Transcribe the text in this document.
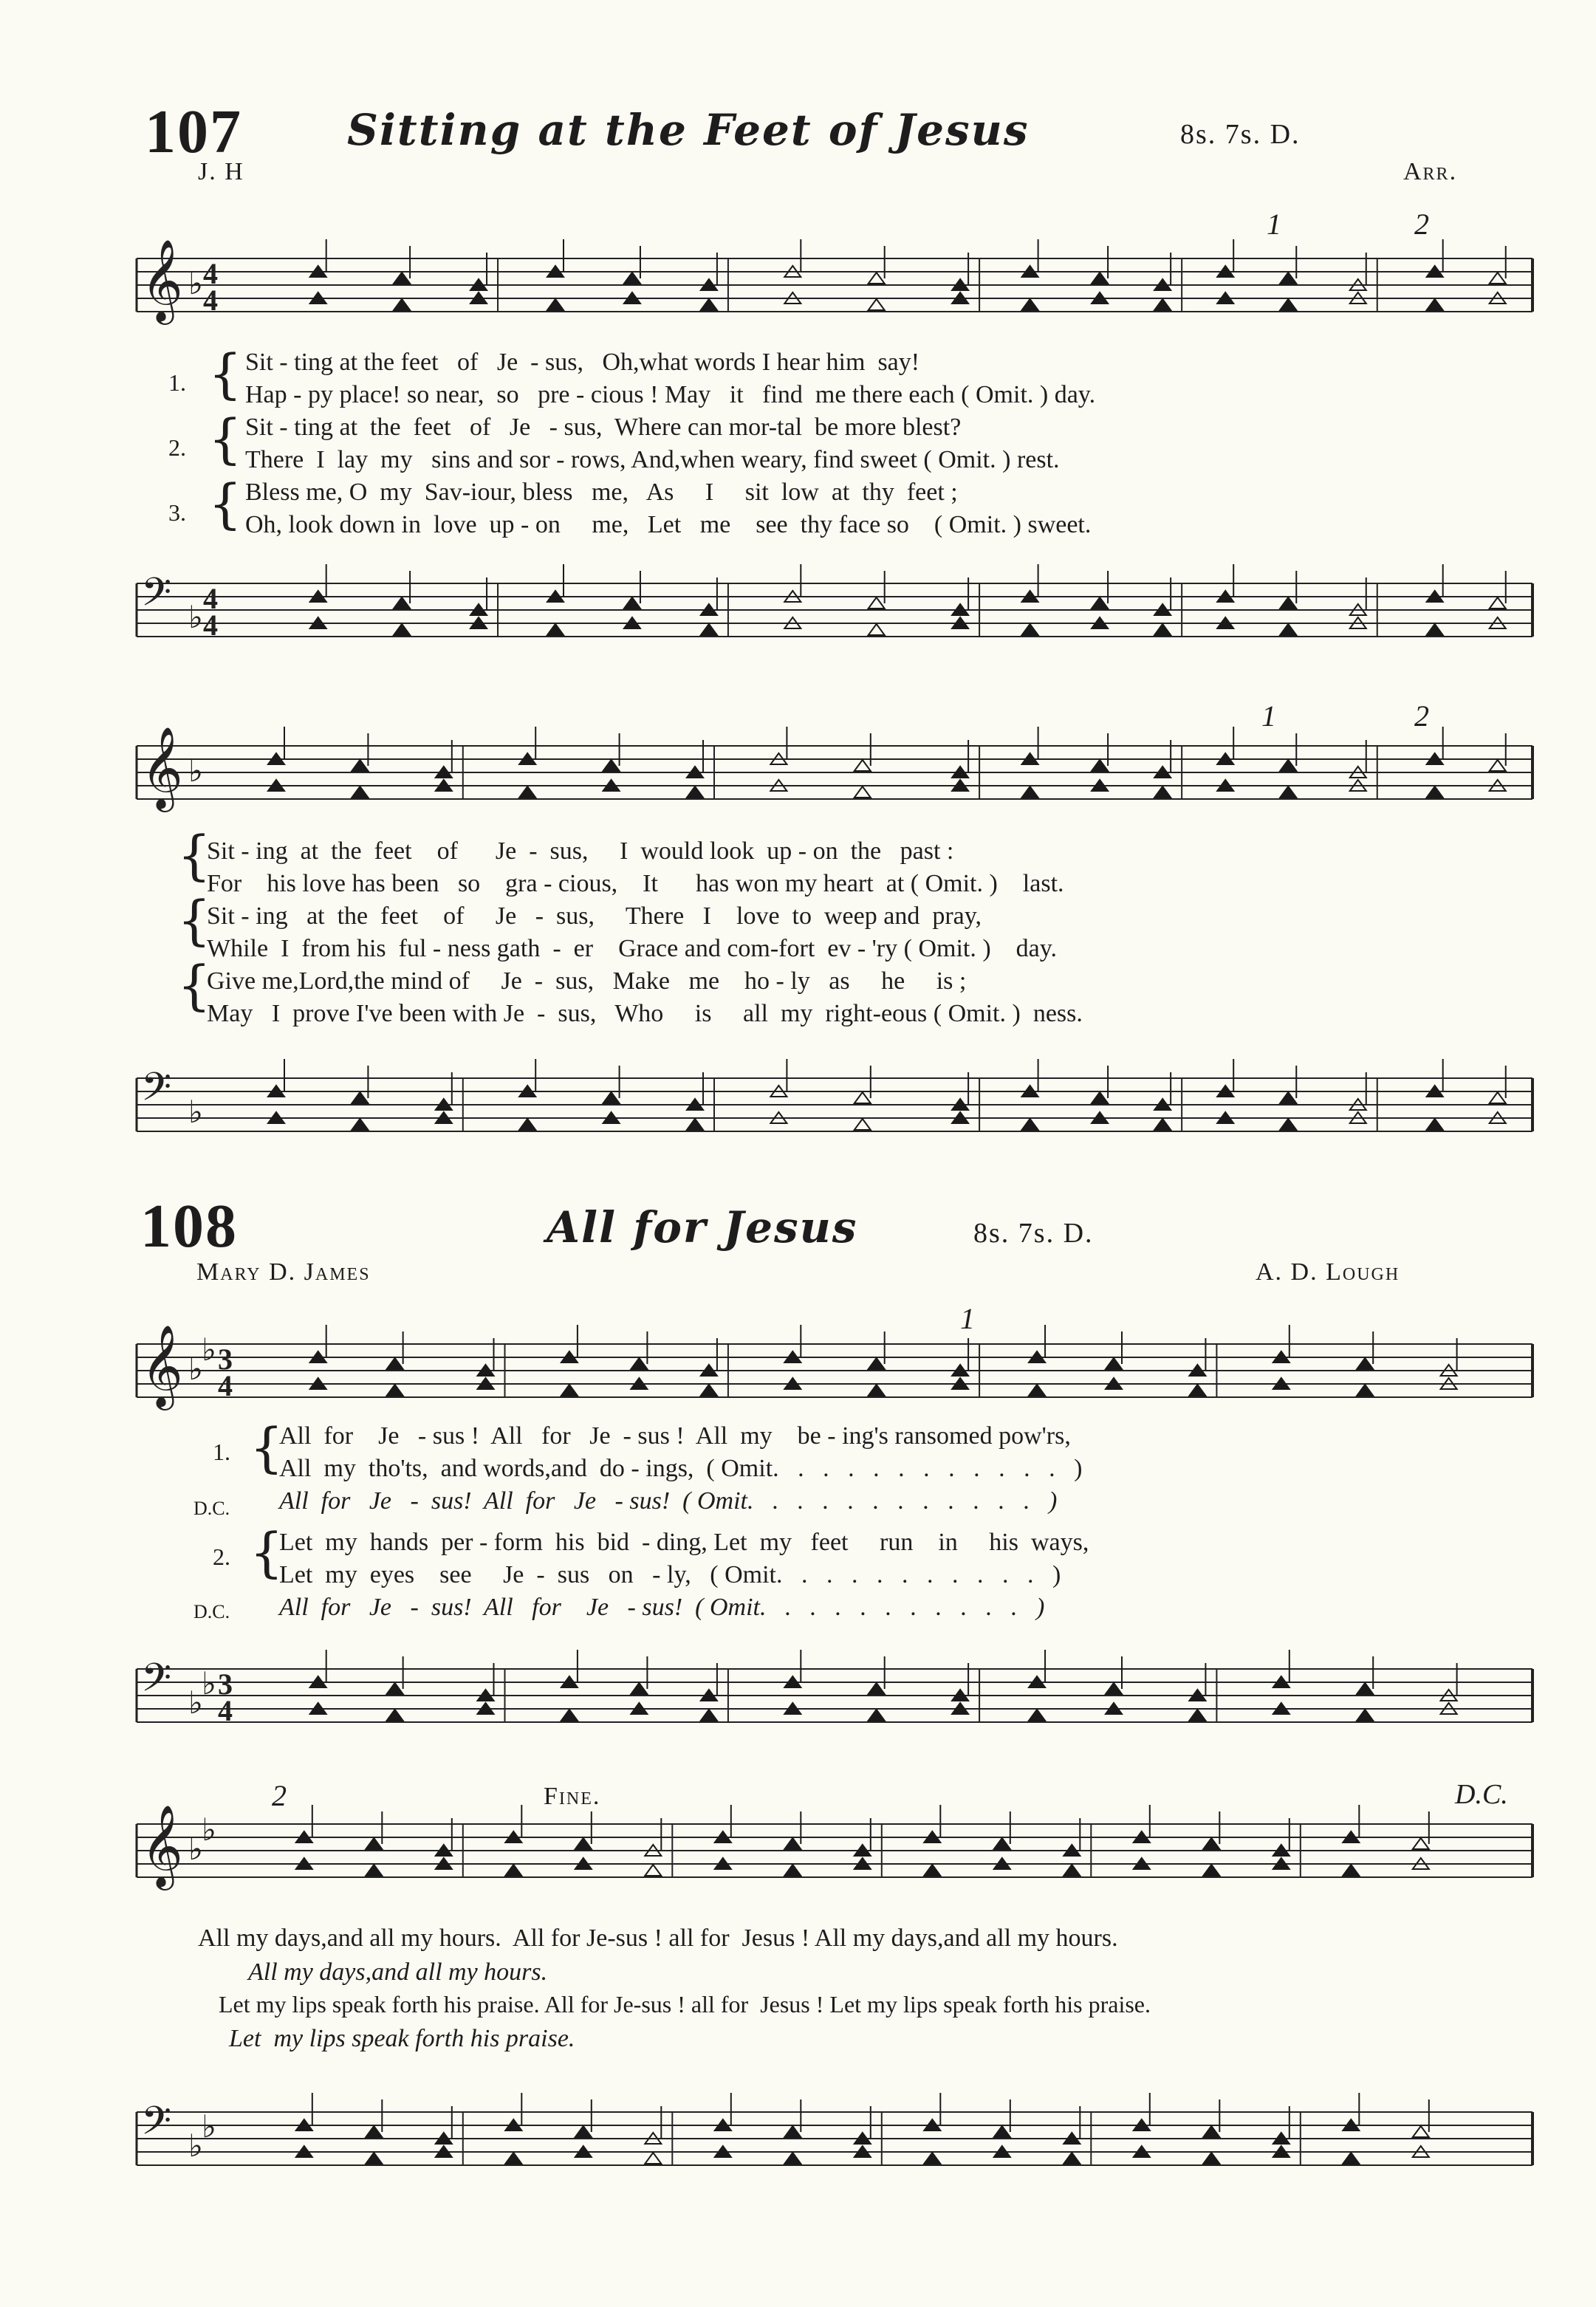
107 Sitting at the Feet of Jesus	8s. 7s. D.
J. H	Arr.
𝄞 ♭ 4
4
1	2
1.
2.
3.
{
{
{
Sit - ting at the feet   of   Je  - sus,   Oh,what words I hear him  say!
Hap - py place! so near,  so   pre - cious ! May   it   find  me there each ( Omit. ) day.
Sit - ting at  the  feet   of   Je   - sus,  Where can mor-tal  be more blest?
There  I  lay  my   sins and sor - rows, And,when weary, find sweet ( Omit. ) rest.
Bless me, O  my  Sav-iour, bless   me,   As     I     sit  low  at  thy  feet ;
Oh, look down in  love  up - on     me,   Let   me    see  thy face so    ( Omit. ) sweet.
𝄢 ♭
4
4
𝄞 ♭
1	2
{
{
{
Sit - ing  at  the  feet    of      Je  -  sus,     I  would look  up - on  the   past :
For    his love has been   so    gra - cious,    It      has won my heart  at ( Omit. )    last.
Sit - ing   at  the  feet    of     Je   -  sus,     There   I    love  to  weep and  pray,
While  I  from his  ful - ness gath  -  er    Grace and com-fort  ev - 'ry ( Omit. )    day.
Give me,Lord,the mind of     Je  -  sus,   Make   me    ho - ly   as     he     is ;
May   I  prove I've been with Je  -  sus,   Who     is     all  my  right-eous ( Omit. )  ness.
𝄢 ♭
108	All for Jesus	8s. 7s. D.
Mary D. James	A. D. Lough
𝄞 ♭
♭ 3
4
1
1. {
D.C.
2. {
D.C.
All  for    Je   - sus !  All   for   Je  - sus !  All  my    be - ing's ransomed pow'rs,
All  my  tho'ts,  and words,and  do - ings,  ( Omit.   .   .   .   .   .   .   .   .   .   .   .   )
All  for   Je   -  sus!  All  for   Je   - sus!  ( Omit.   .   .   .   .   .   .   .   .   .   .   .   )
Let  my  hands  per - form  his  bid  - ding, Let  my   feet     run    in     his  ways,
Let  my  eyes    see     Je  -  sus   on   - ly,   ( Omit.   .   .   .   .   .   .   .   .   .   .   )
All  for   Je   -  sus!  All   for    Je   - sus!  ( Omit.   .   .   .   .   .   .   .   .   .   .   )
𝄢 ♭
♭ 3
4
2	Fine.	D.C.
𝄞 ♭
♭
All my days,and all my hours.  All for Je-sus ! all for  Jesus ! All my days,and all my hours.
All my days,and all my hours.
Let my lips speak forth his praise. All for Je-sus ! all for  Jesus ! Let my lips speak forth his praise.
Let  my lips speak forth his praise.
𝄢 ♭
♭
